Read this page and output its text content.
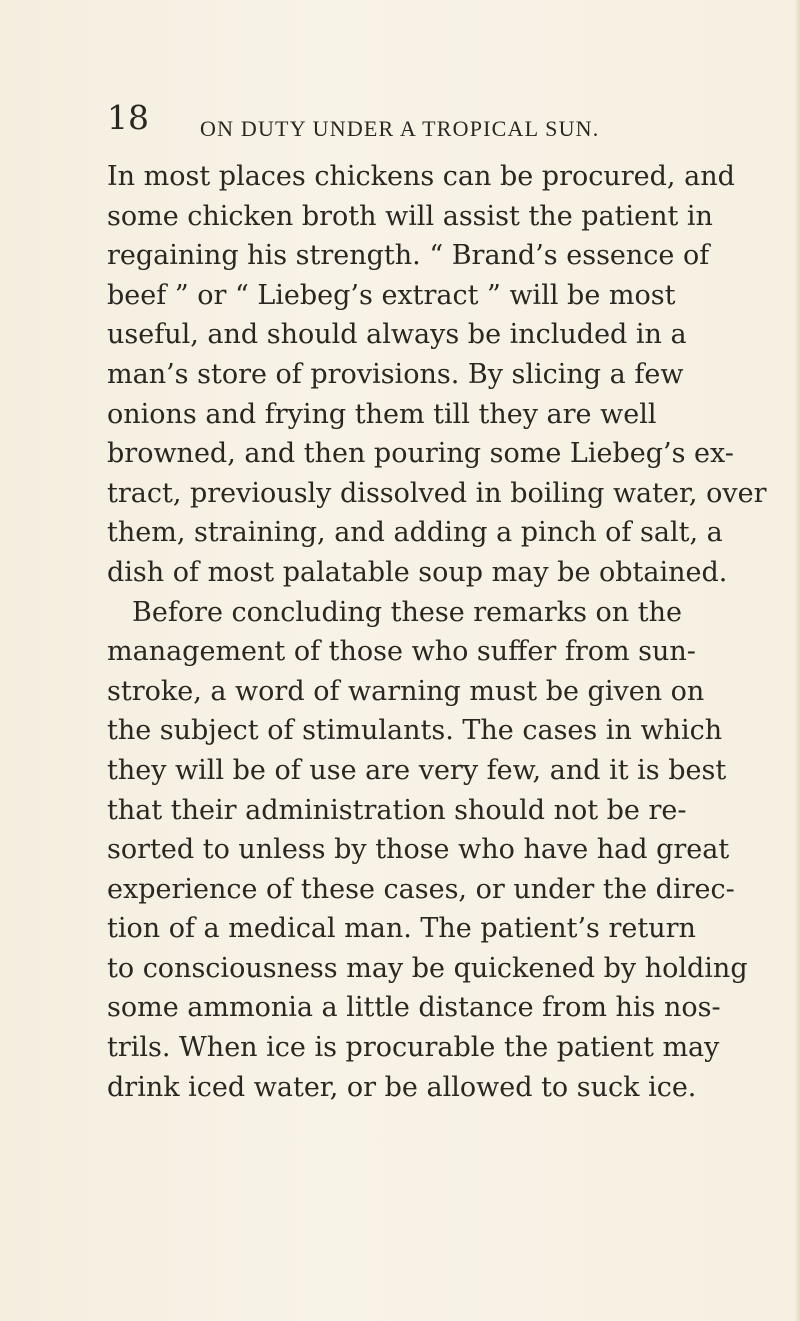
18 ON DUTY UNDER A TROPICAL SUN.
In most places chickens can be procured, and
some chicken broth will assist the patient in
regaining his strength. “ Brand’s essence of
beef ” or “ Liebeg’s extract ” will be most
useful, and should always be included in a
man’s store of provisions. By slicing a few
onions and frying them till they are well
browned, and then pouring some Liebeg’s ex-
tract, previously dissolved in boiling water, over
them, straining, and adding a pinch of salt, a
dish of most palatable soup may be obtained.
Before concluding these remarks on the
management of those who suffer from sun-
stroke, a word of warning must be given on
the subject of stimulants. The cases in which
they will be of use are very few, and it is best
that their administration should not be re-
sorted to unless by those who have had great
experience of these cases, or under the direc-
tion of a medical man. The patient’s return
to consciousness may be quickened by holding
some ammonia a little distance from his nos-
trils. When ice is procurable the patient may
drink iced water, or be allowed to suck ice.
